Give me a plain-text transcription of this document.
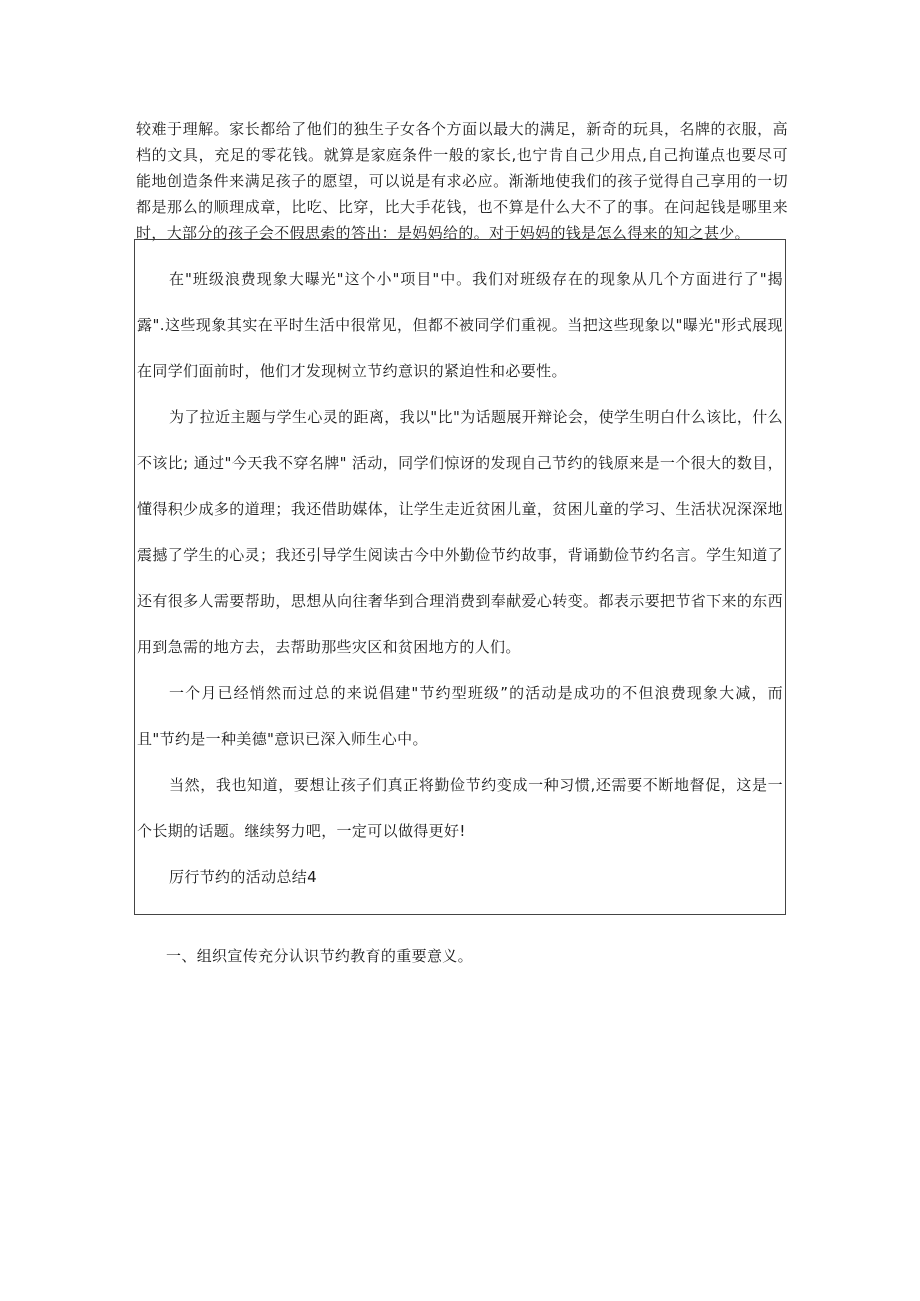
较难于理解。家长都给了他们的独生子女各个方面以最大的满足，新奇的玩具，名牌的衣服，高档的文具，充足的零花钱。就算是家庭条件一般的家长,也宁肯自己少用点,自己拘谨点也要尽可能地创造条件来满足孩子的愿望，可以说是有求必应。渐渐地使我们的孩子觉得自己享用的一切都是那么的顺理成章，比吃、比穿，比大手花钱，也不算是什么大不了的事。在问起钱是哪里来时，大部分的孩子会不假思索的答出：是妈妈给的。对于妈妈的钱是怎么得来的知之甚少。

在"班级浪费现象大曝光"这个小"项目"中。我们对班级存在的现象从几个方面进行了"揭露".这些现象其实在平时生活中很常见，但都不被同学们重视。当把这些现象以"曝光"形式展现在同学们面前时，他们才发现树立节约意识的紧迫性和必要性。

为了拉近主题与学生心灵的距离，我以"比"为话题展开辩论会，使学生明白什么该比，什么不该比; 通过"今天我不穿名牌" 活动，同学们惊讶的发现自己节约的钱原来是一个很大的数目，懂得积少成多的道理；我还借助媒体，让学生走近贫困儿童，贫困儿童的学习、生活状况深深地震撼了学生的心灵；我还引导学生阅读古今中外勤俭节约故事，背诵勤俭节约名言。学生知道了还有很多人需要帮助，思想从向往奢华到合理消费到奉献爱心转变。都表示要把节省下来的东西用到急需的地方去，去帮助那些灾区和贫困地方的人们。

一个月已经悄然而过总的来说倡建"节约型班级”的活动是成功的不但浪费现象大减，而且"节约是一种美德"意识已深入师生心中。

当然，我也知道，要想让孩子们真正将勤俭节约变成一种习惯,还需要不断地督促，这是一个长期的话题。继续努力吧，一定可以做得更好!

厉行节约的活动总结4

一、组织宣传充分认识节约教育的重要意义。
